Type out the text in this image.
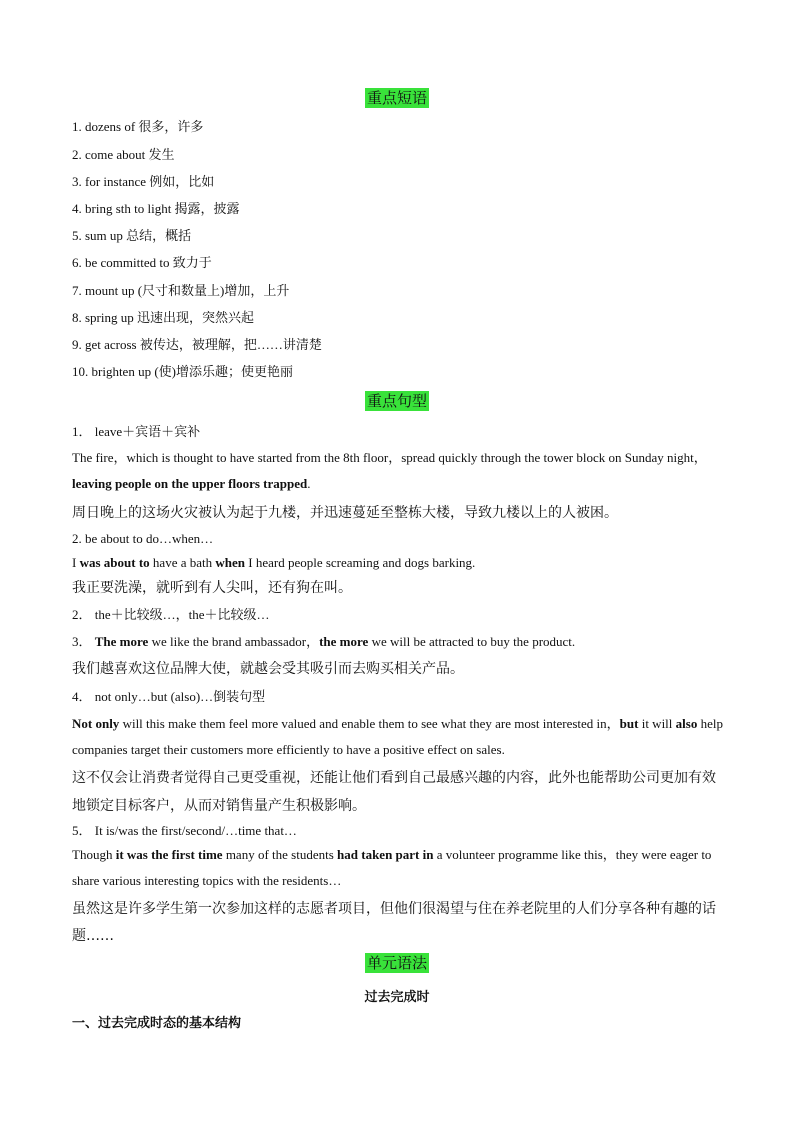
重点短语
1. dozens of 很多，许多
2. come about 发生
3. for instance 例如，比如
4. bring sth to light 揭露，披露
5. sum up 总结，概括
6. be committed to 致力于
7. mount up (尺寸和数量上)增加，上升
8. spring up 迅速出现，突然兴起
9. get across 被传达，被理解，把……讲清楚
10. brighten up (使)增添乐趣；使更艳丽
重点句型
1． leave＋宾语＋宾补
The fire，which is thought to have started from the 8th floor，spread quickly through the tower block on Sunday night，leaving people on the upper floors trapped.
周日晚上的这场火灾被认为起于九楼，并迅速蔓延至整栋大楼，导致九楼以上的人被困。
2. be about to do…when…
I was about to have a bath when I heard people screaming and dogs barking.
我正要洗澡，就听到有人尖叫，还有狗在叫。
2． the＋比较级…，the＋比较级…
3． The more we like the brand ambassador，the more we will be attracted to buy the product.
我们越喜欢这位品牌大使，就越会受其吸引而去购买相关产品。
4． not only…but (also)…倒装句型
Not only will this make them feel more valued and enable them to see what they are most interested in，but it will also help companies target their customers more efficiently to have a positive effect on sales.
这不仅会让消费者觉得自己更受重视，还能让他们看到自己最感兴趣的内容，此外也能帮助公司更加有效地锁定目标客户，从而对销售量产生积极影响。
5． It is/was the first/second/…time that…
Though it was the first time many of the students had taken part in a volunteer programme like this，they were eager to share various interesting topics with the residents…
虽然这是许多学生第一次参加这样的志愿者项目，但他们很渴望与住在养老院里的人们分享各种有趣的话题……
单元语法
过去完成时
一、过去完成时态的基本结构
